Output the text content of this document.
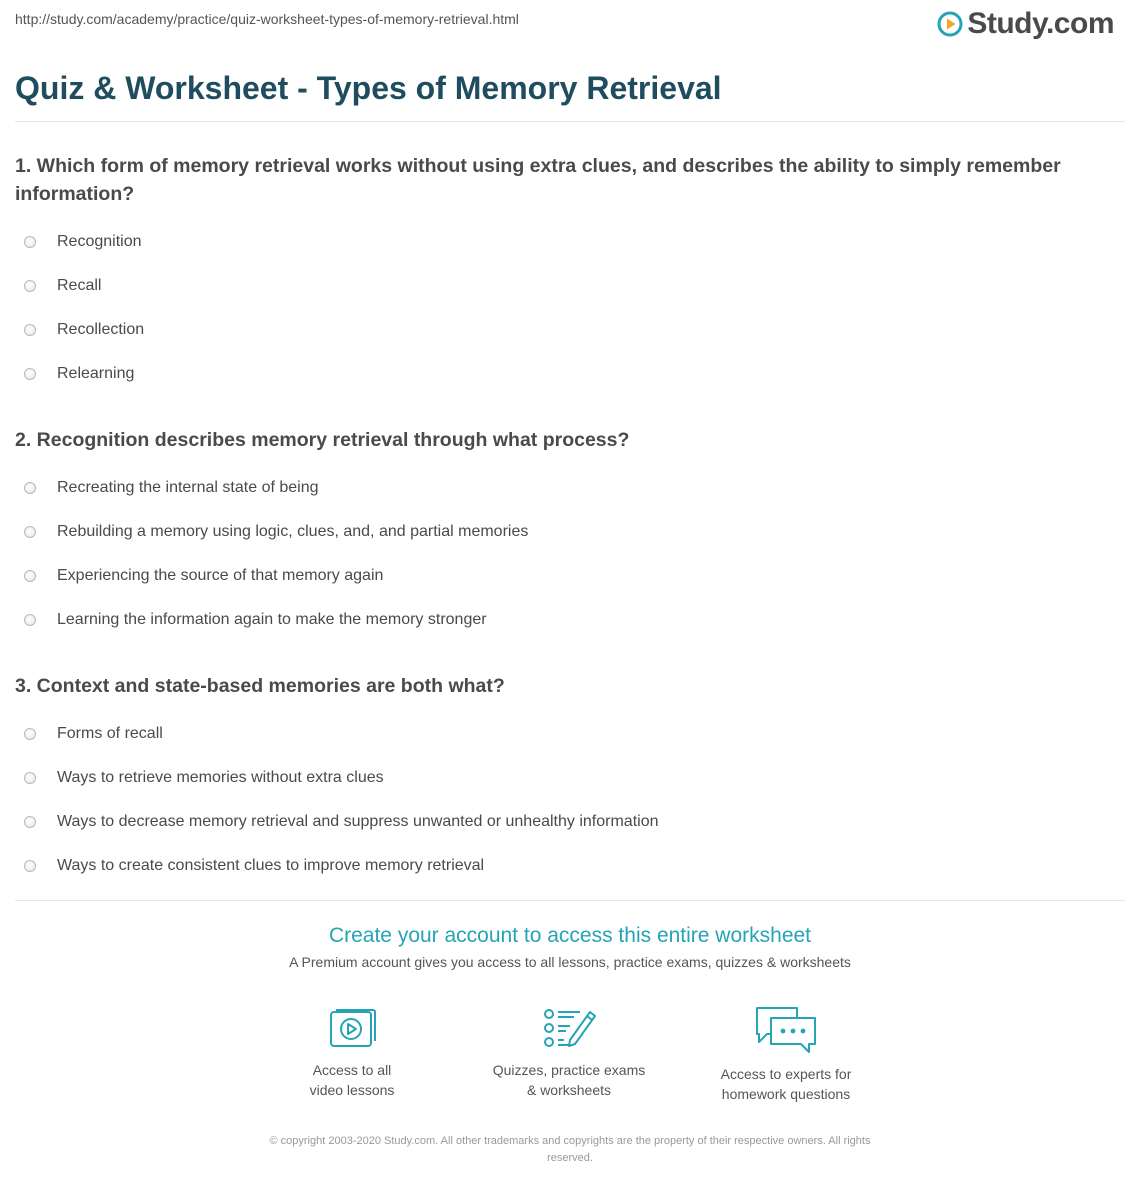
http://study.com/academy/practice/quiz-worksheet-types-of-memory-retrieval.html	Study.com
Quiz & Worksheet - Types of Memory Retrieval

1. Which form of memory retrieval works without using extra clues, and describes the ability to simply remember information?

Recognition
Recall
Recollection
Relearning

2. Recognition describes memory retrieval through what process?

Recreating the internal state of being
Rebuilding a memory using logic, clues, and, and partial memories
Experiencing the source of that memory again
Learning the information again to make the memory stronger

3. Context and state-based memories are both what?

Forms of recall
Ways to retrieve memories without extra clues
Ways to decrease memory retrieval and suppress unwanted or unhealthy information
Ways to create consistent clues to improve memory retrieval
Create your account to access this entire worksheet
A Premium account gives you access to all lessons, practice exams, quizzes & worksheets
Access to all
video lessons
Quizzes, practice exams
& worksheets
Access to experts for
homework questions
© copyright 2003-2020 Study.com. All other trademarks and copyrights are the property of their respective owners. All rights
reserved.
